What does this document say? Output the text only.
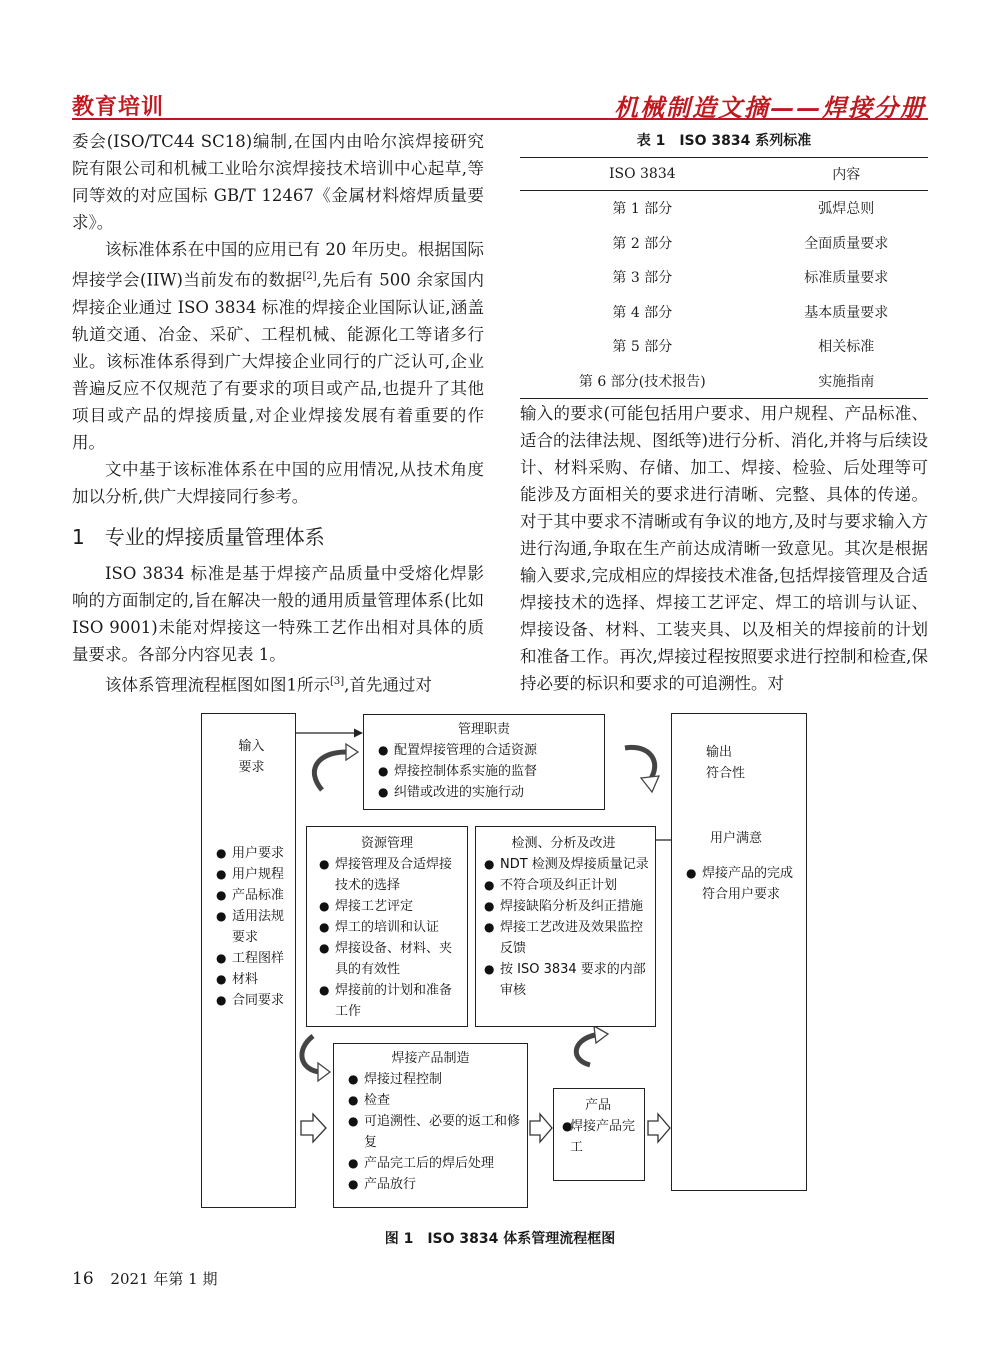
教育培训	机械制造文摘——焊接分册

委会(ISO/TC44 SC18)编制,在国内由哈尔滨焊接研究院有限公司和机械工业哈尔滨焊接技术培训中心起草,等同等效的对应国标 GB/T 12467《金属材料熔焊质量要求》。

该标准体系在中国的应用已有 20 年历史。根据国际焊接学会(IIW)当前发布的数据[2],先后有 500 余家国内焊接企业通过 ISO 3834 标准的焊接企业国际认证,涵盖轨道交通、冶金、采矿、工程机械、能源化工等诸多行业。该标准体系得到广大焊接企业同行的广泛认可,企业普遍反应不仅规范了有要求的项目或产品,也提升了其他项目或产品的焊接质量,对企业焊接发展有着重要的作用。

文中基于该标准体系在中国的应用情况,从技术角度加以分析,供广大焊接同行参考。

1　专业的焊接质量管理体系

ISO 3834 标准是基于焊接产品质量中受熔化焊影响的方面制定的,旨在解决一般的通用质量管理体系(比如 ISO 9001)未能对焊接这一特殊工艺作出相对具体的质量要求。各部分内容见表 1。

该体系管理流程框图如图1所示[3],首先通过对

表 1　ISO 3834 系列标准
ISO 3834	内容
第 1 部分	弧焊总则
第 2 部分	全面质量要求
第 3 部分	标准质量要求
第 4 部分	基本质量要求
第 5 部分	相关标准
第 6 部分(技术报告)	实施指南

输入的要求(可能包括用户要求、用户规程、产品标准、适合的法律法规、图纸等)进行分析、消化,并将与后续设计、材料采购、存储、加工、焊接、检验、后处理等可能涉及方面相关的要求进行清晰、完整、具体的传递。对于其中要求不清晰或有争议的地方,及时与要求输入方进行沟通,争取在生产前达成清晰一致意见。其次是根据输入要求,完成相应的焊接技术准备,包括焊接管理及合适焊接技术的选择、焊接工艺评定、焊工的培训与认证、焊接设备、材料、工装夹具、以及相关的焊接前的计划和准备工作。再次,焊接过程按照要求进行控制和检查,保持必要的标识和要求的可追溯性。对

输入
要求
● 用户要求
● 用户规程
● 产品标准
● 适用法规要求
● 工程图样
● 材料
● 合同要求
管理职责
● 配置焊接管理的合适资源
● 焊接控制体系实施的监督
● 纠错或改进的实施行动
资源管理
● 焊接管理及合适焊接技术的选择
● 焊接工艺评定
● 焊工的培训和认证
● 焊接设备、材料、夹具的有效性
● 焊接前的计划和准备工作
检测、分析及改进
● NDT 检测及焊接质量记录
● 不符合项及纠正计划
● 焊接缺陷分析及纠正措施
● 焊接工艺改进及效果监控反馈
● 按 ISO 3834 要求的内部审核
焊接产品制造
● 焊接过程控制
● 检查
● 可追溯性、必要的返工和修复
● 产品完工后的焊后处理
● 产品放行
产品
● 焊接产品完工
输出
符合性
用户满意
● 焊接产品的完成符合用户要求
图 1　ISO 3834 体系管理流程框图
16 2021 年第 1 期
